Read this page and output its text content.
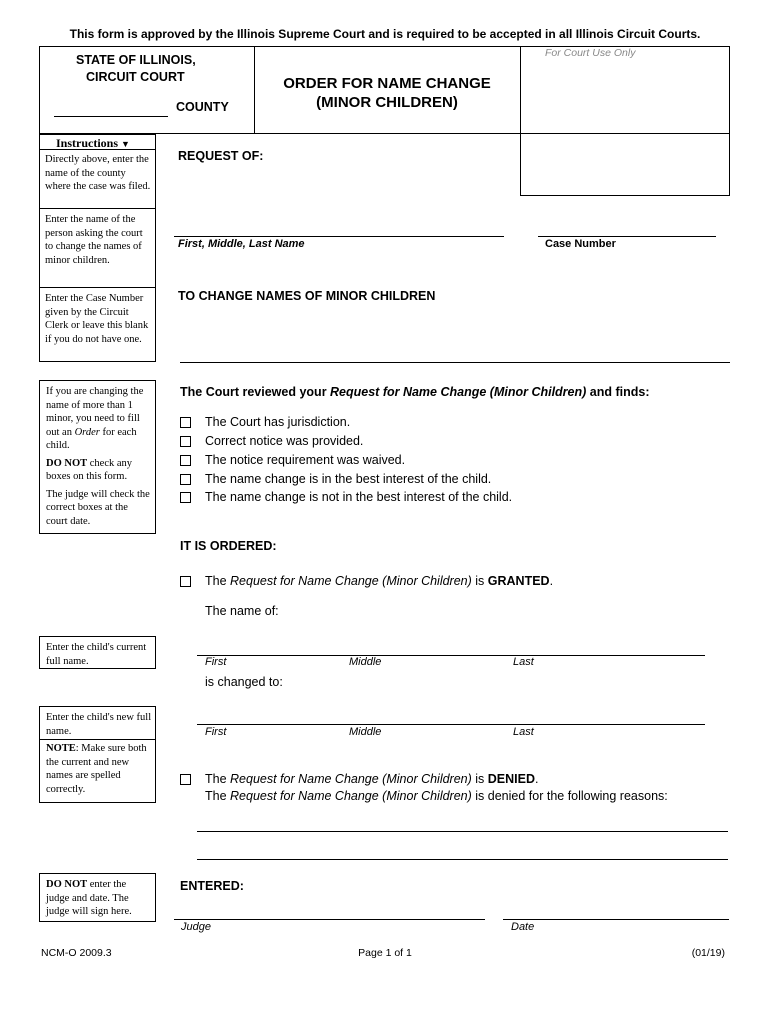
This form is approved by the Illinois Supreme Court and is required to be accepted in all Illinois Circuit Courts.
STATE OF ILLINOIS,
CIRCUIT COURT
COUNTY
ORDER FOR NAME CHANGE
(MINOR CHILDREN)
For Court Use Only
Instructions ▼
Directly above, enter the name of the county where the case was filed.
Enter the name of the person asking the court to change the names of minor children.
Enter the Case Number given by the Circuit Clerk or leave this blank if you do not have one.
REQUEST OF:
First, Middle, Last Name	Case Number
TO CHANGE NAMES OF MINOR CHILDREN

If you are changing the name of more than 1 minor, you need to fill out an Order for each child.

DO NOT check any boxes on this form.

The judge will check the correct boxes at the court date.

The Court reviewed your Request for Name Change (Minor Children) and finds:
The Court has jurisdiction.
Correct notice was provided.
The notice requirement was waived.
The name change is in the best interest of the child.
The name change is not in the best interest of the child.
IT IS ORDERED:
The Request for Name Change (Minor Children) is GRANTED.
The name of:
Enter the child's current full name.	First	Middle	Last
is changed to:

Enter the child's new full name.

NOTE: Make sure both the current and new names are spelled correctly.

First	Middle	Last
The Request for Name Change (Minor Children) is DENIED.
The Request for Name Change (Minor Children) is denied for the following reasons:
DO NOT enter the judge and date. The judge will sign here.
ENTERED:
Judge	Date
NCM-O 2009.3	Page 1 of 1	(01/19)
